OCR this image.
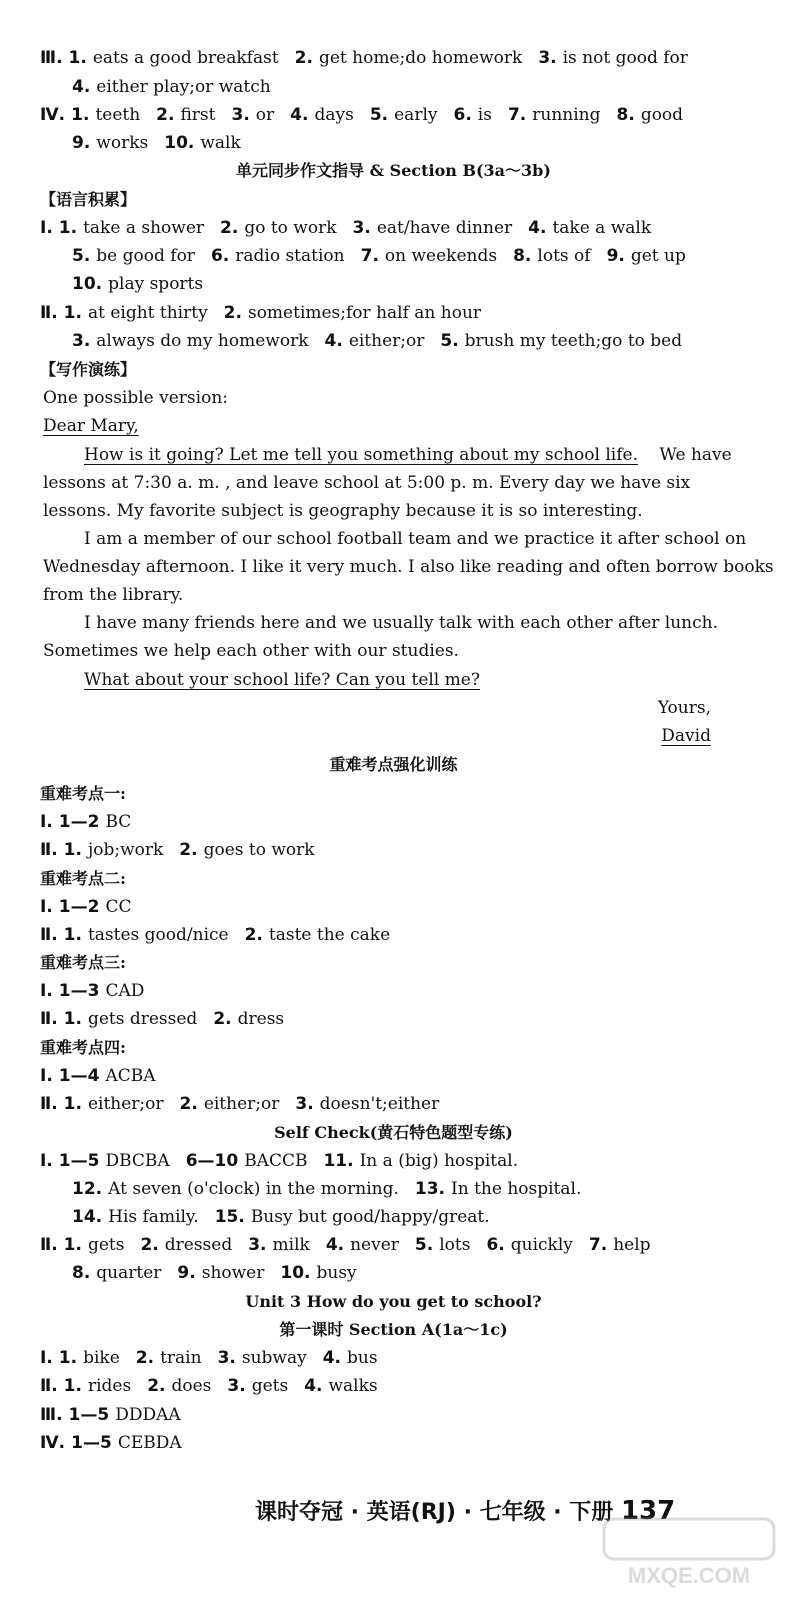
Ⅲ. 1. eats a good breakfast 2. get home;do homework 3. is not good for
4. either play;or watch
Ⅳ. 1. teeth 2. first 3. or 4. days 5. early 6. is 7. running 8. good
9. works 10. walk
单元同步作文指导 & Section B(3a～3b)
【语言积累】
Ⅰ. 1. take a shower 2. go to work 3. eat/have dinner 4. take a walk
5. be good for 6. radio station 7. on weekends 8. lots of 9. get up
10. play sports
Ⅱ. 1. at eight thirty 2. sometimes;for half an hour
3. always do my homework 4. either;or 5. brush my teeth;go to bed
【写作演练】
One possible version:
Dear Mary,
How is it going? Let me tell you something about my school life. We have
lessons at 7:30 a. m. , and leave school at 5:00 p. m. Every day we have six
lessons. My favorite subject is geography because it is so interesting.
I am a member of our school football team and we practice it after school on
Wednesday afternoon. I like it very much. I also like reading and often borrow books
from the library.
I have many friends here and we usually talk with each other after lunch.
Sometimes we help each other with our studies.
What about your school life? Can you tell me?
Yours,
David
重难考点强化训练
重难考点一:
Ⅰ. 1—2 BC
Ⅱ. 1. job;work 2. goes to work
重难考点二:
Ⅰ. 1—2 CC
Ⅱ. 1. tastes good/nice 2. taste the cake
重难考点三:
Ⅰ. 1—3 CAD
Ⅱ. 1. gets dressed 2. dress
重难考点四:
Ⅰ. 1—4 ACBA
Ⅱ. 1. either;or 2. either;or 3. doesn't;either
Self Check(黄石特色题型专练)
Ⅰ. 1—5 DBCBA 6—10 BACCB 11. In a (big) hospital.
12. At seven (o'clock) in the morning. 13. In the hospital.
14. His family. 15. Busy but good/happy/great.
Ⅱ. 1. gets 2. dressed 3. milk 4. never 5. lots 6. quickly 7. help
8. quarter 9. shower 10. busy
Unit 3 How do you get to school?
第一课时 Section A(1a～1c)
Ⅰ. 1. bike 2. train 3. subway 4. bus
Ⅱ. 1. rides 2. does 3. gets 4. walks
Ⅲ. 1—5 DDDAA
Ⅳ. 1—5 CEBDA
课时夺冠 · 英语(RJ) · 七年级 · 下册 137
MXQE.COM
